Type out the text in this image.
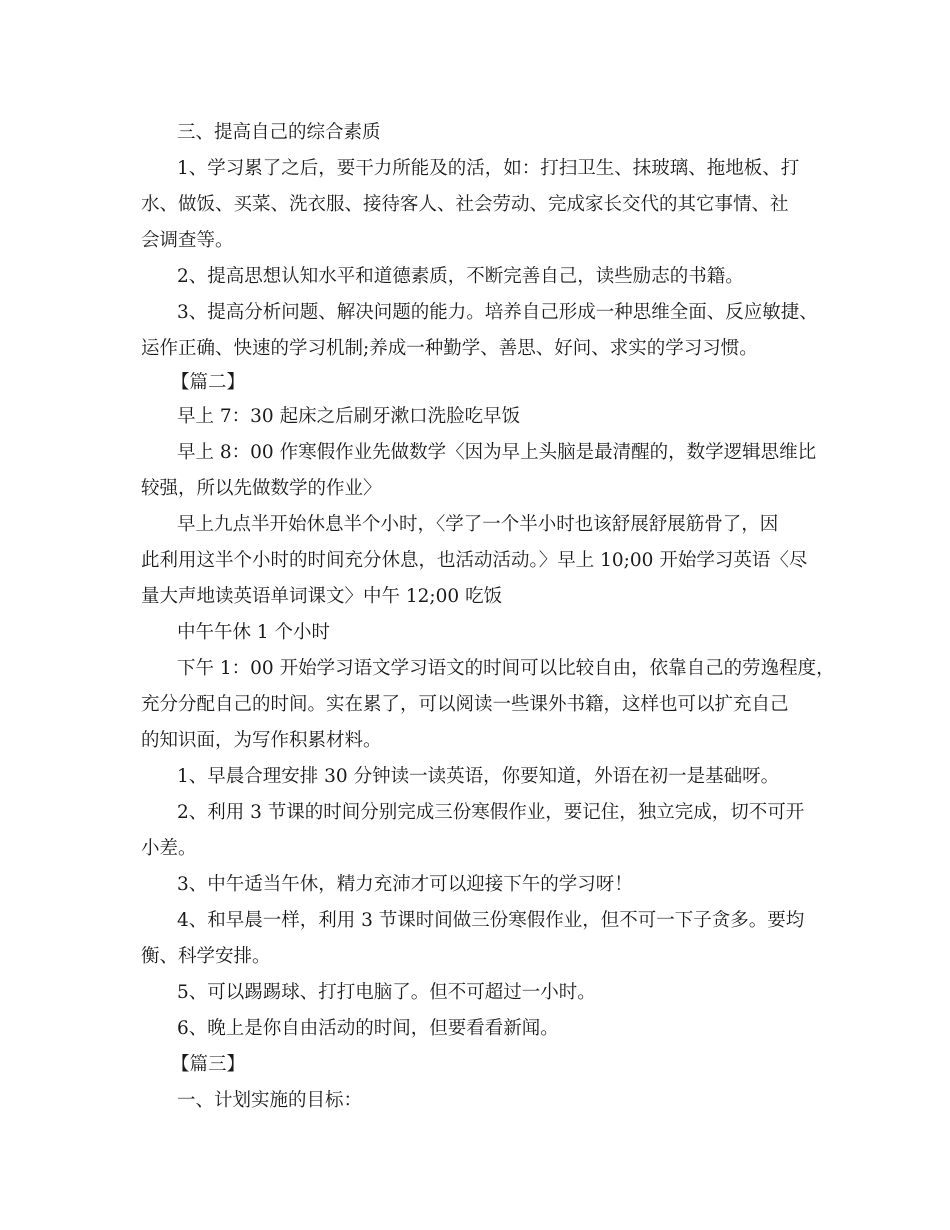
三、提高自己的综合素质
1、学习累了之后，要干力所能及的活，如：打扫卫生、抹玻璃、拖地板、打
水、做饭、买菜、洗衣服、接待客人、社会劳动、完成家长交代的其它事情、社
会调查等。
2、提高思想认知水平和道德素质，不断完善自己，读些励志的书籍。
3、提高分析问题、解决问题的能力。培养自己形成一种思维全面、反应敏捷、
运作正确、快速的学习机制;养成一种勤学、善思、好问、求实的学习习惯。
【篇二】
早上 7：30 起床之后刷牙漱口洗脸吃早饭
早上 8：00 作寒假作业先做数学〈因为早上头脑是最清醒的，数学逻辑思维比
较强，所以先做数学的作业〉
早上九点半开始休息半个小时，〈学了一个半小时也该舒展舒展筋骨了，因
此利用这半个小时的时间充分休息，也活动活动。〉早上 10;00 开始学习英语〈尽
量大声地读英语单词课文〉中午 12;00 吃饭
中午午休 1 个小时
下午 1：00 开始学习语文学习语文的时间可以比较自由，依靠自己的劳逸程度，
充分分配自己的时间。实在累了，可以阅读一些课外书籍，这样也可以扩充自己
的知识面，为写作积累材料。
1、早晨合理安排 30 分钟读一读英语，你要知道，外语在初一是基础呀。
2、利用 3 节课的时间分别完成三份寒假作业，要记住，独立完成，切不可开
小差。
3、中午适当午休，精力充沛才可以迎接下午的学习呀！
4、和早晨一样，利用 3 节课时间做三份寒假作业，但不可一下子贪多。要均
衡、科学安排。
5、可以踢踢球、打打电脑了。但不可超过一小时。
6、晚上是你自由活动的时间，但要看看新闻。
【篇三】
一、计划实施的目标：
